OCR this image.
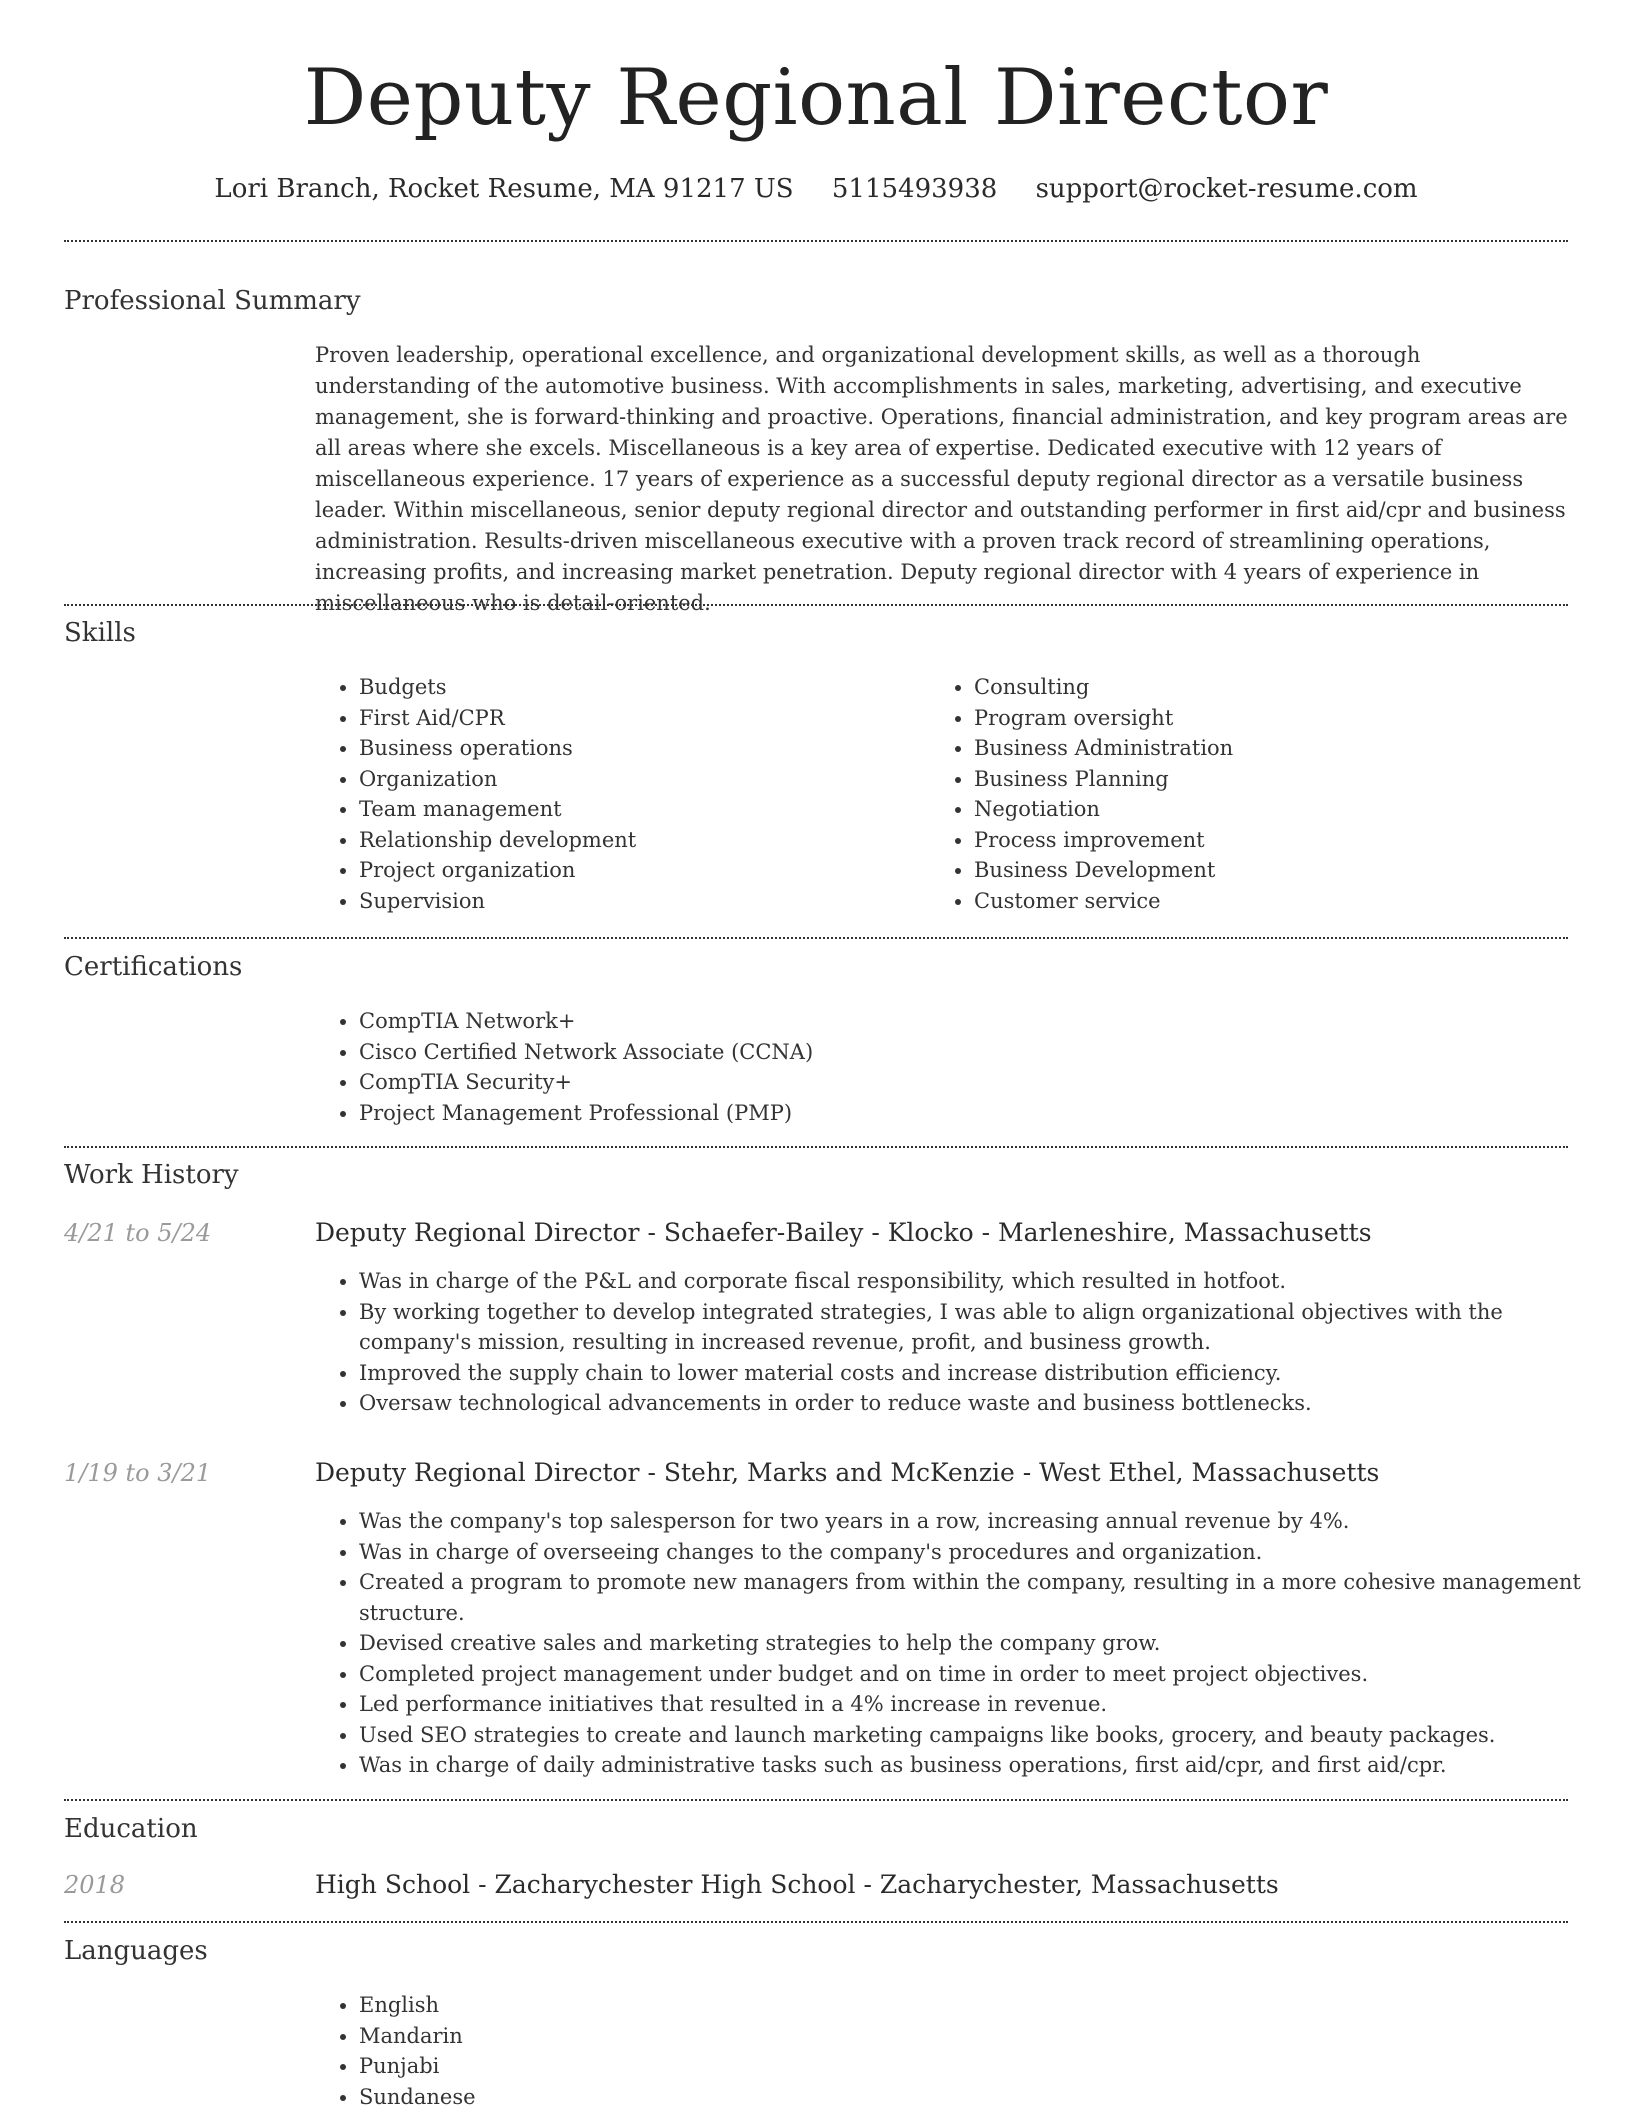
Deputy Regional Director
Lori Branch, Rocket Resume, MA 91217 US 5115493938 support@rocket-resume.com
Professional Summary

Proven leadership, operational excellence, and organizational development skills, as well as a thorough understanding of the automotive business. With accomplishments in sales, marketing, advertising, and executive management, she is forward-thinking and proactive. Operations, financial administration, and key program areas are all areas where she excels. Miscellaneous is a key area of expertise. Dedicated executive with 12 years of miscellaneous experience. 17 years of experience as a successful deputy regional director as a versatile business leader. Within miscellaneous, senior deputy regional director and outstanding performer in first aid/cpr and business administration. Results-driven miscellaneous executive with a proven track record of streamlining operations, increasing profits, and increasing market penetration. Deputy regional director with 4 years of experience in miscellaneous who is detail-oriented.

Skills
• Budgets
• First Aid/CPR
• Business operations
• Organization
• Team management
• Relationship development
• Project organization
• Supervision
• Consulting
• Program oversight
• Business Administration
• Business Planning
• Negotiation
• Process improvement
• Business Development
• Customer service
Certifications
• CompTIA Network+
• Cisco Certified Network Associate (CCNA)
• CompTIA Security+
• Project Management Professional (PMP)
Work History
4/21 to 5/24	Deputy Regional Director - Schaefer-Bailey - Klocko - Marleneshire, Massachusetts
• Was in charge of the P&L and corporate fiscal responsibility, which resulted in hotfoot.
• By working together to develop integrated strategies, I was able to align organizational objectives with the company's mission, resulting in increased revenue, profit, and business growth.
• Improved the supply chain to lower material costs and increase distribution efficiency.
• Oversaw technological advancements in order to reduce waste and business bottlenecks.
1/19 to 3/21	Deputy Regional Director - Stehr, Marks and McKenzie - West Ethel, Massachusetts
• Was the company's top salesperson for two years in a row, increasing annual revenue by 4%.
• Was in charge of overseeing changes to the company's procedures and organization.
• Created a program to promote new managers from within the company, resulting in a more cohesive management structure.
• Devised creative sales and marketing strategies to help the company grow.
• Completed project management under budget and on time in order to meet project objectives.
• Led performance initiatives that resulted in a 4% increase in revenue.
• Used SEO strategies to create and launch marketing campaigns like books, grocery, and beauty packages.
• Was in charge of daily administrative tasks such as business operations, first aid/cpr, and first aid/cpr.
Education
2018	High School - Zacharychester High School - Zacharychester, Massachusetts
Languages
• English
• Mandarin
• Punjabi
• Sundanese
